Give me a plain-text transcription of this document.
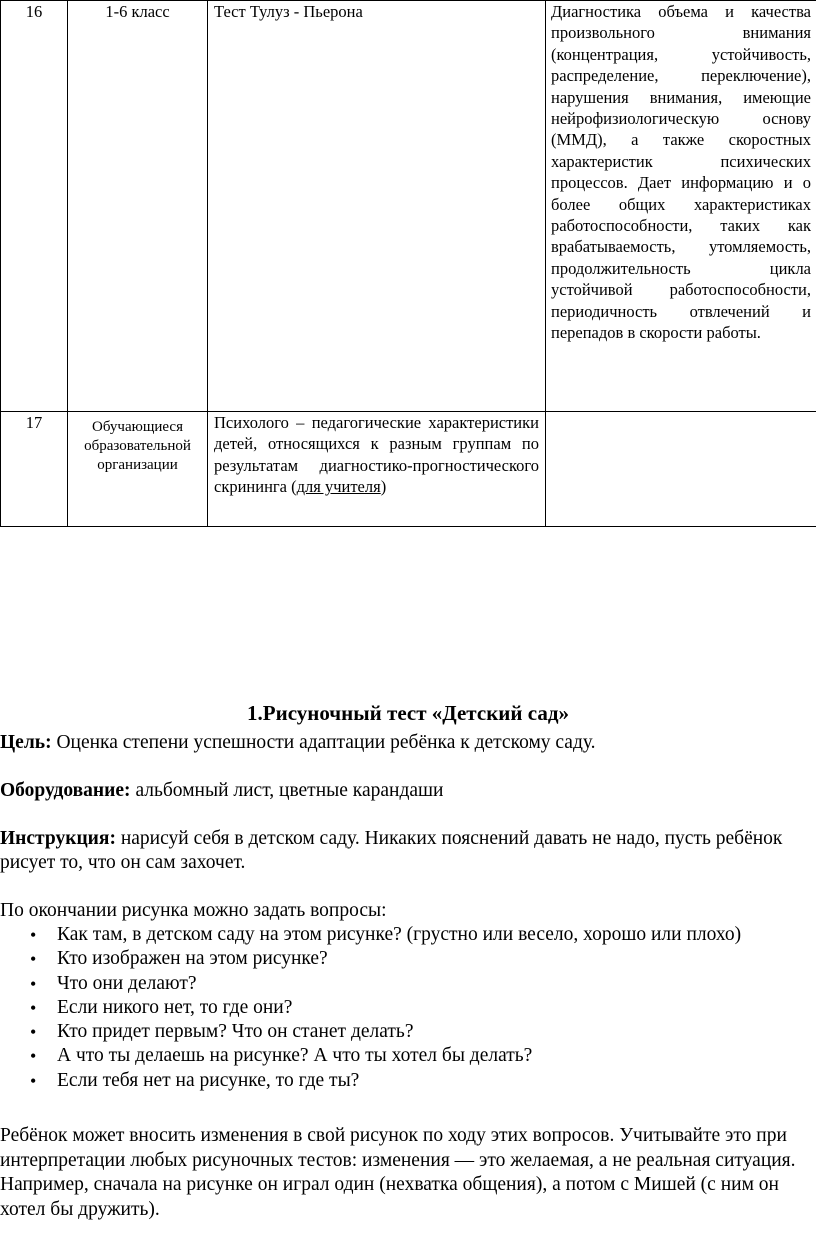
16	1-6 класс	Тест Тулуз - Пьерона	Диагностика объема и качества произвольного внимания (концентрация, устойчивость, распределение, переключение), нарушения внимания, имеющие нейрофизиологическую основу (ММД), а также скоростных характеристик психических процессов. Дает информацию и о более общих характеристиках работоспособности, таких как врабатываемость, утомляемость, продолжительность цикла устойчивой работоспособности, периодичность отвлечений и перепадов в скорости работы.
17	Обучающиеся образовательной организации	Психолого – педагогические характеристики детей, относящихся к разным группам по результатам диагностико-прогностического скрининга (для учителя)	
1.Рисуночный тест «Детский сад»
Цель: Оценка степени успешности адаптации ребёнка к детскому саду.
Оборудование: альбомный лист, цветные карандаши
Инструкция: нарисуй себя в детском саду. Никаких пояснений давать не надо, пусть ребёнок рисует то, что он сам захочет.
По окончании рисунка можно задать вопросы:
• Как там, в детском саду на этом рисунке? (грустно или весело, хорошо или плохо)
• Кто изображен на этом рисунке?
• Что они делают?
• Если никого нет, то где они?
• Кто придет первым? Что он станет делать?
• А что ты делаешь на рисунке? А что ты хотел бы делать?
• Если тебя нет на рисунке, то где ты?
Ребёнок может вносить изменения в свой рисунок по ходу этих вопросов. Учитывайте это при интерпретации любых рисуночных тестов: изменения — это желаемая, а не реальная ситуация. Например, сначала на рисунке он играл один (нехватка общения), а потом с Мишей (с ним он хотел бы дружить).
